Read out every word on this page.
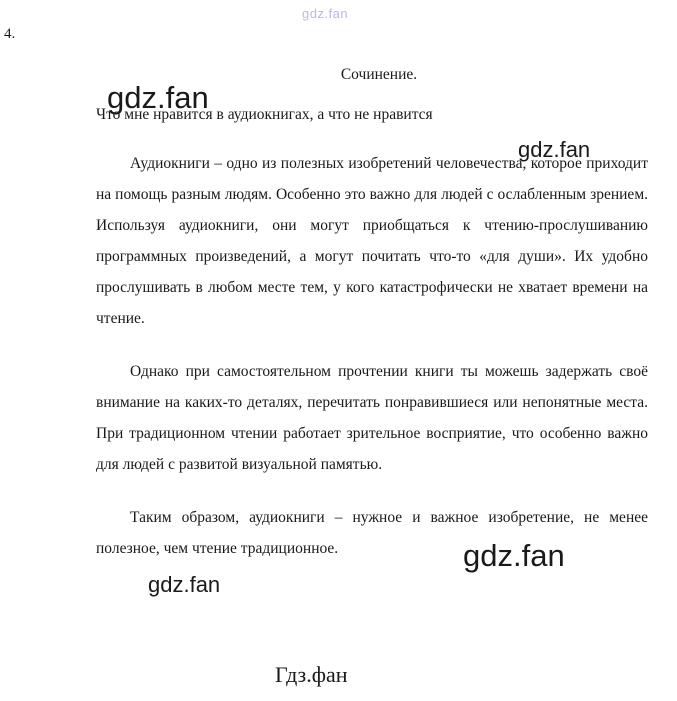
4.
Сочинение.
Что мне нравится в аудиокнигах, а что не нравится

Аудиокниги – одно из полезных изобретений человечества, которое приходит на помощь разным людям. Особенно это важно для людей с ослабленным зрением. Используя аудиокниги, они могут приобщаться к чтению-прослушиванию программных произведений, а могут почитать что-то «для души». Их удобно прослушивать в любом месте тем, у кого катастрофически не хватает времени на чтение.

Однако при самостоятельном прочтении книги ты можешь задержать своё внимание на каких-то деталях, перечитать понравившиеся или непонятные места. При традиционном чтении работает зрительное восприятие, что особенно важно для людей с развитой визуальной памятью.

Таким образом, аудиокниги – нужное и важное изобретение, не менее полезное, чем чтение традиционное.

gdz.fan
gdz.fan
gdz.fan
gdz.fan
gdz.fan
Гдз.фан
